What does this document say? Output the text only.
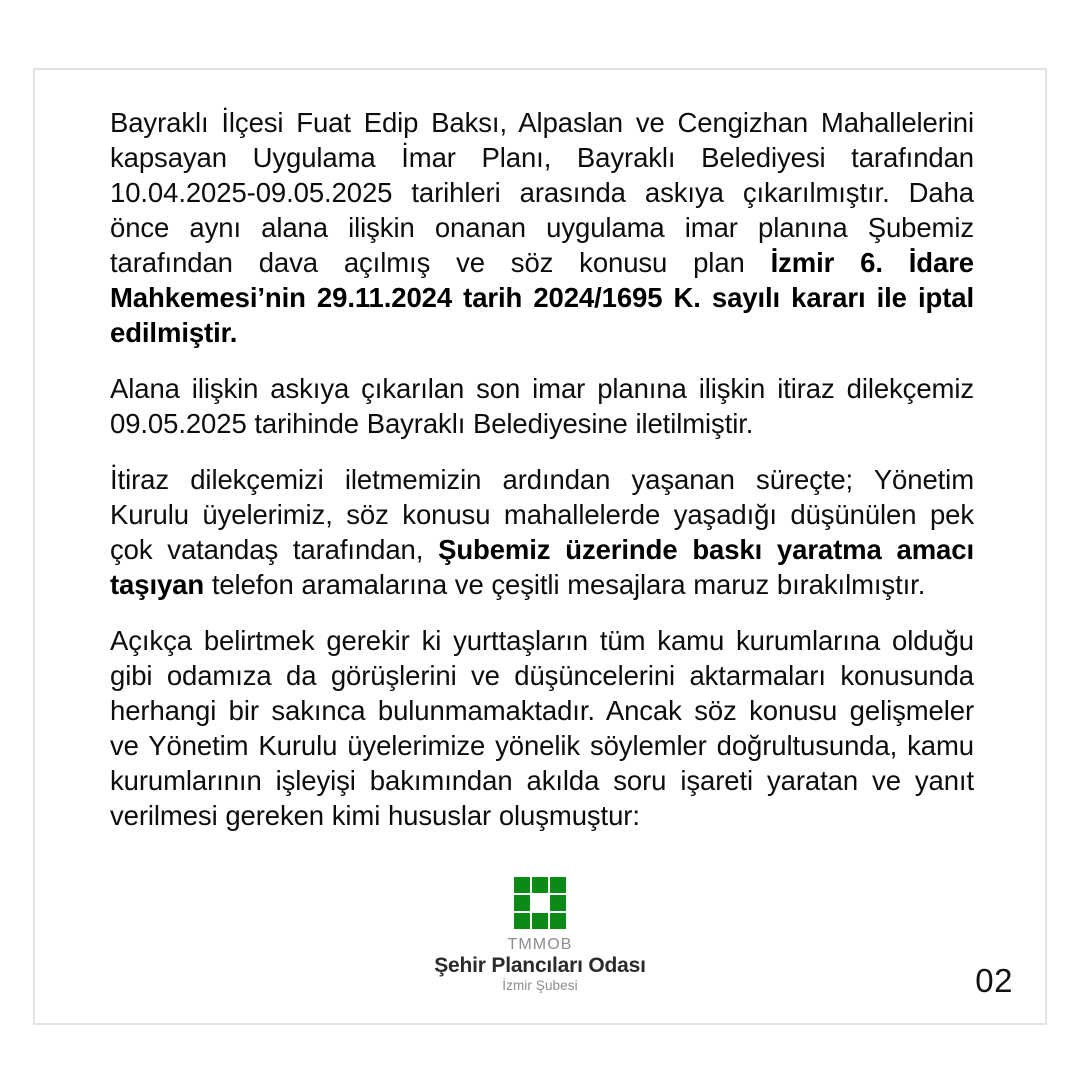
Bayraklı İlçesi Fuat Edip Baksı, Alpaslan ve Cengizhan Mahallelerini kapsayan Uygulama İmar Planı, Bayraklı Belediyesi tarafından 10.04.2025-09.05.2025 tarihleri arasında askıya çıkarılmıştır. Daha önce aynı alana ilişkin onanan uygulama imar planına Şubemiz tarafından dava açılmış ve söz konusu plan İzmir 6. İdare Mahkemesi’nin 29.11.2024 tarih 2024/1695 K. sayılı kararı ile iptal edilmiştir.

Alana ilişkin askıya çıkarılan son imar planına ilişkin itiraz dilekçemiz 09.05.2025 tarihinde Bayraklı Belediyesine iletilmiştir.

İtiraz dilekçemizi iletmemizin ardından yaşanan süreçte; Yönetim Kurulu üyelerimiz, söz konusu mahallelerde yaşadığı düşünülen pek çok vatandaş tarafından, Şubemiz üzerinde baskı yaratma amacı taşıyan telefon aramalarına ve çeşitli mesajlara maruz bırakılmıştır.

Açıkça belirtmek gerekir ki yurttaşların tüm kamu kurumlarına olduğu gibi odamıza da görüşlerini ve düşüncelerini aktarmaları konusunda herhangi bir sakınca bulunmamaktadır. Ancak söz konusu gelişmeler ve Yönetim Kurulu üyelerimize yönelik söylemler doğrultusunda, kamu kurumlarının işleyişi bakımından akılda soru işareti yaratan ve yanıt verilmesi gereken kimi hususlar oluşmuştur:

TMMOB
Şehir Plancıları Odası
İzmir Şubesi	02
